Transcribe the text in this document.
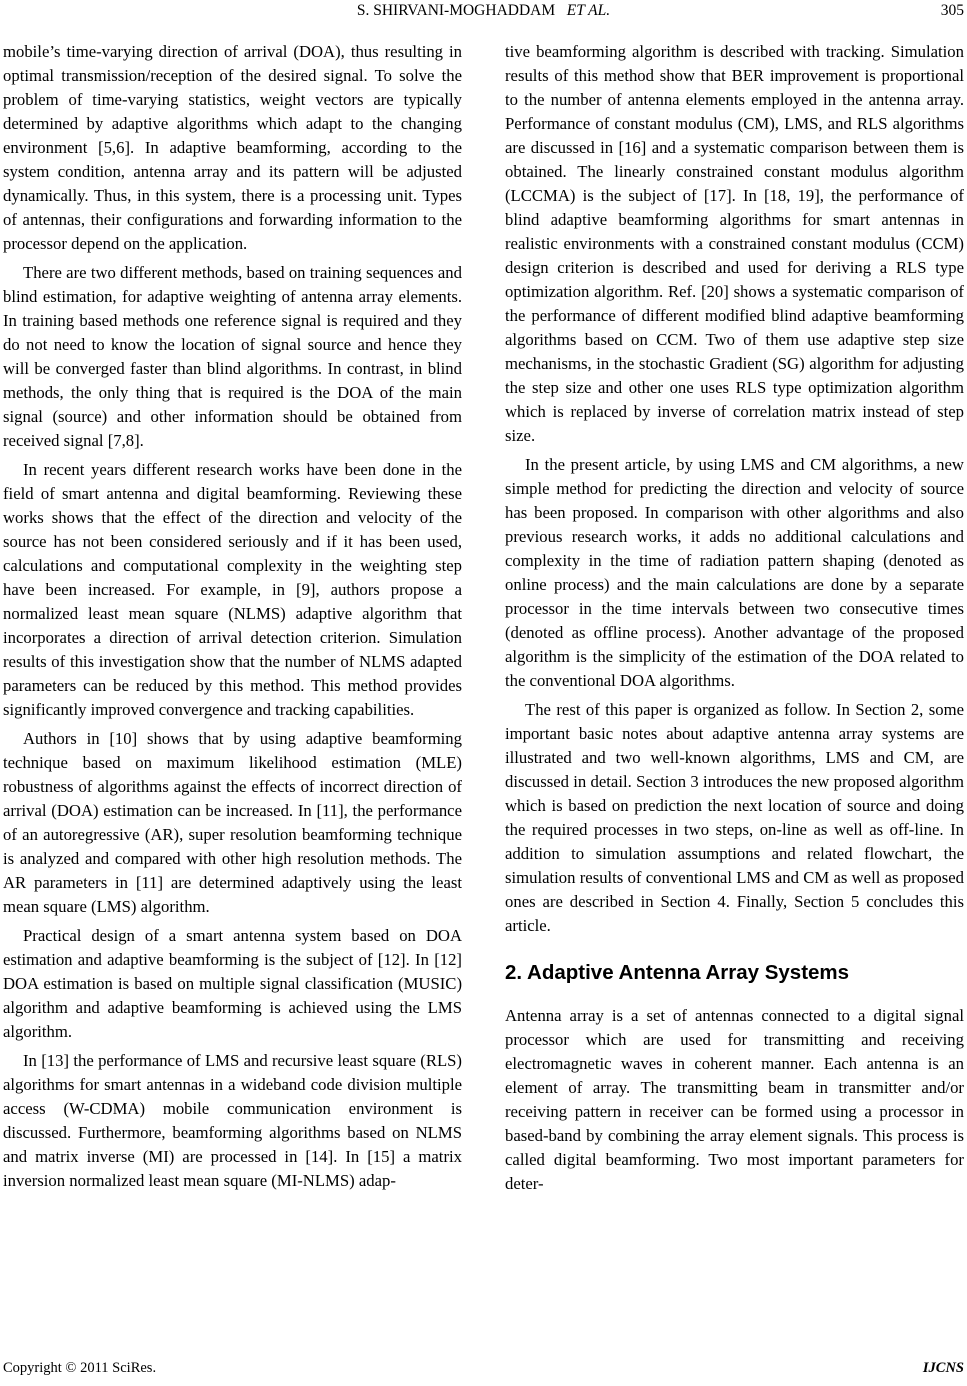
S. SHIRVANI-MOGHADDAM ET AL.	305

mobile’s time-varying direction of arrival (DOA), thus resulting in optimal transmission/reception of the desired signal. To solve the problem of time-varying statistics, weight vectors are typically determined by adaptive algorithms which adapt to the changing environment [5,6]. In adaptive beamforming, according to the system condition, antenna array and its pattern will be adjusted dynamically. Thus, in this system, there is a processing unit. Types of antennas, their configurations and forwarding information to the processor depend on the application.

There are two different methods, based on training sequences and blind estimation, for adaptive weighting of antenna array elements. In training based methods one reference signal is required and they do not need to know the location of signal source and hence they will be converged faster than blind algorithms. In contrast, in blind methods, the only thing that is required is the DOA of the main signal (source) and other information should be obtained from received signal [7,8].

In recent years different research works have been done in the field of smart antenna and digital beamforming. Reviewing these works shows that the effect of the direction and velocity of the source has not been considered seriously and if it has been used, calculations and computational complexity in the weighting step have been increased. For example, in [9], authors propose a normalized least mean square (NLMS) adaptive algorithm that incorporates a direction of arrival detection criterion. Simulation results of this investigation show that the number of NLMS adapted parameters can be reduced by this method. This method provides significantly improved convergence and tracking capabilities.

Authors in [10] shows that by using adaptive beamforming technique based on maximum likelihood estimation (MLE) robustness of algorithms against the effects of incorrect direction of arrival (DOA) estimation can be increased. In [11], the performance of an autoregressive (AR), super resolution beamforming technique is analyzed and compared with other high resolution methods. The AR parameters in [11] are determined adaptively using the least mean square (LMS) algorithm.

Practical design of a smart antenna system based on DOA estimation and adaptive beamforming is the subject of [12]. In [12] DOA estimation is based on multiple signal classification (MUSIC) algorithm and adaptive beamforming is achieved using the LMS algorithm.

In [13] the performance of LMS and recursive least square (RLS) algorithms for smart antennas in a wideband code division multiple access (W-CDMA) mobile communication environment is discussed. Furthermore, beamforming algorithms based on NLMS and matrix inverse (MI) are processed in [14]. In [15] a matrix inversion normalized least mean square (MI-NLMS) adap-

tive beamforming algorithm is described with tracking. Simulation results of this method show that BER improvement is proportional to the number of antenna elements employed in the antenna array. Performance of constant modulus (CM), LMS, and RLS algorithms are discussed in [16] and a systematic comparison between them is obtained. The linearly constrained constant modulus algorithm (LCCMA) is the subject of [17]. In [18, 19], the performance of blind adaptive beamforming algorithms for smart antennas in realistic environments with a constrained constant modulus (CCM) design criterion is described and used for deriving a RLS type optimization algorithm. Ref. [20] shows a systematic comparison of the performance of different modified blind adaptive beamforming algorithms based on CCM. Two of them use adaptive step size mechanisms, in the stochastic Gradient (SG) algorithm for adjusting the step size and other one uses RLS type optimization algorithm which is replaced by inverse of correlation matrix instead of step size.

In the present article, by using LMS and CM algorithms, a new simple method for predicting the direction and velocity of source has been proposed. In comparison with other algorithms and also previous research works, it adds no additional calculations and complexity in the time of radiation pattern shaping (denoted as online process) and the main calculations are done by a separate processor in the time intervals between two consecutive times (denoted as offline process). Another advantage of the proposed algorithm is the simplicity of the estimation of the DOA related to the conventional DOA algorithms.

The rest of this paper is organized as follow. In Section 2, some important basic notes about adaptive antenna array systems are illustrated and two well-known algorithms, LMS and CM, are discussed in detail. Section 3 introduces the new proposed algorithm which is based on prediction the next location of source and doing the required processes in two steps, on-line as well as off-line. In addition to simulation assumptions and related flowchart, the simulation results of conventional LMS and CM as well as proposed ones are described in Section 4. Finally, Section 5 concludes this article.

2. Adaptive Antenna Array Systems

Antenna array is a set of antennas connected to a digital signal processor which are used for transmitting and receiving electromagnetic waves in coherent manner. Each antenna is an element of array. The transmitting beam in transmitter and/or receiving pattern in receiver can be formed using a processor in based-band by combining the array element signals. This process is called digital beamforming. Two most important parameters for deter-

Copyright © 2011 SciRes.	IJCNS
